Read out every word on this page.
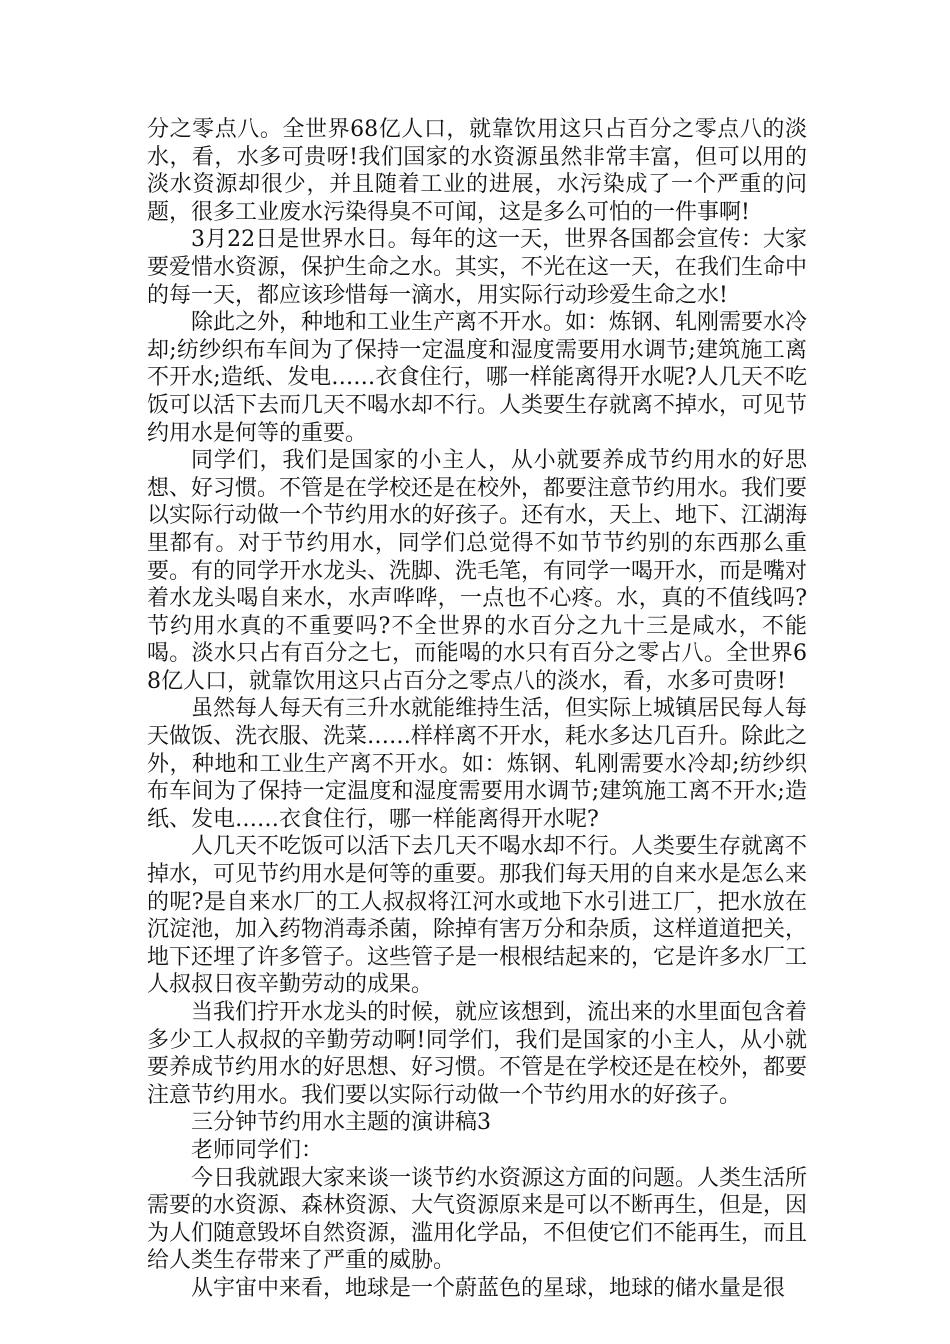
分之零点八。全世界68亿人口，就靠饮用这只占百分之零点八的淡水，看，水多可贵呀!我们国家的水资源虽然非常丰富，但可以用的淡水资源却很少，并且随着工业的进展，水污染成了一个严重的问题，很多工业废水污染得臭不可闻，这是多么可怕的一件事啊!

3月22日是世界水日。每年的这一天，世界各国都会宣传：大家要爱惜水资源，保护生命之水。其实，不光在这一天，在我们生命中的每一天，都应该珍惜每一滴水，用实际行动珍爱生命之水!

除此之外，种地和工业生产离不开水。如：炼钢、轧刚需要水冷却;纺纱织布车间为了保持一定温度和湿度需要用水调节;建筑施工离不开水;造纸、发电……衣食住行，哪一样能离得开水呢?人几天不吃饭可以活下去而几天不喝水却不行。人类要生存就离不掉水，可见节约用水是何等的重要。

同学们，我们是国家的小主人，从小就要养成节约用水的好思想、好习惯。不管是在学校还是在校外，都要注意节约用水。我们要以实际行动做一个节约用水的好孩子。还有水，天上、地下、江湖海里都有。对于节约用水，同学们总觉得不如节节约别的东西那么重要。有的同学开水龙头、洗脚、洗毛笔，有同学一喝开水，而是嘴对着水龙头喝自来水，水声哗哗，一点也不心疼。水，真的不值线吗?节约用水真的不重要吗?不全世界的水百分之九十三是咸水，不能喝。淡水只占有百分之七，而能喝的水只有百分之零占八。全世界68亿人口，就靠饮用这只占百分之零点八的淡水，看，水多可贵呀!

虽然每人每天有三升水就能维持生活，但实际上城镇居民每人每天做饭、洗衣服、洗菜……样样离不开水，耗水多达几百升。除此之外，种地和工业生产离不开水。如：炼钢、轧刚需要水冷却;纺纱织布车间为了保持一定温度和湿度需要用水调节;建筑施工离不开水;造纸、发电……衣食住行，哪一样能离得开水呢?

人几天不吃饭可以活下去几天不喝水却不行。人类要生存就离不掉水，可见节约用水是何等的重要。那我们每天用的自来水是怎么来的呢?是自来水厂的工人叔叔将江河水或地下水引进工厂，把水放在沉淀池，加入药物消毒杀菌，除掉有害万分和杂质，这样道道把关，地下还埋了许多管子。这些管子是一根根结起来的，它是许多水厂工人叔叔日夜辛勤劳动的成果。

当我们拧开水龙头的时候，就应该想到，流出来的水里面包含着多少工人叔叔的辛勤劳动啊!同学们，我们是国家的小主人，从小就要养成节约用水的好思想、好习惯。不管是在学校还是在校外，都要注意节约用水。我们要以实际行动做一个节约用水的好孩子。

三分钟节约用水主题的演讲稿3

老师同学们：

今日我就跟大家来谈一谈节约水资源这方面的问题。人类生活所需要的水资源、森林资源、大气资源原来是可以不断再生，但是，因为人们随意毁坏自然资源，滥用化学品，不但使它们不能再生，而且给人类生存带来了严重的威胁。

从宇宙中来看，地球是一个蔚蓝色的星球，地球的储水量是很
